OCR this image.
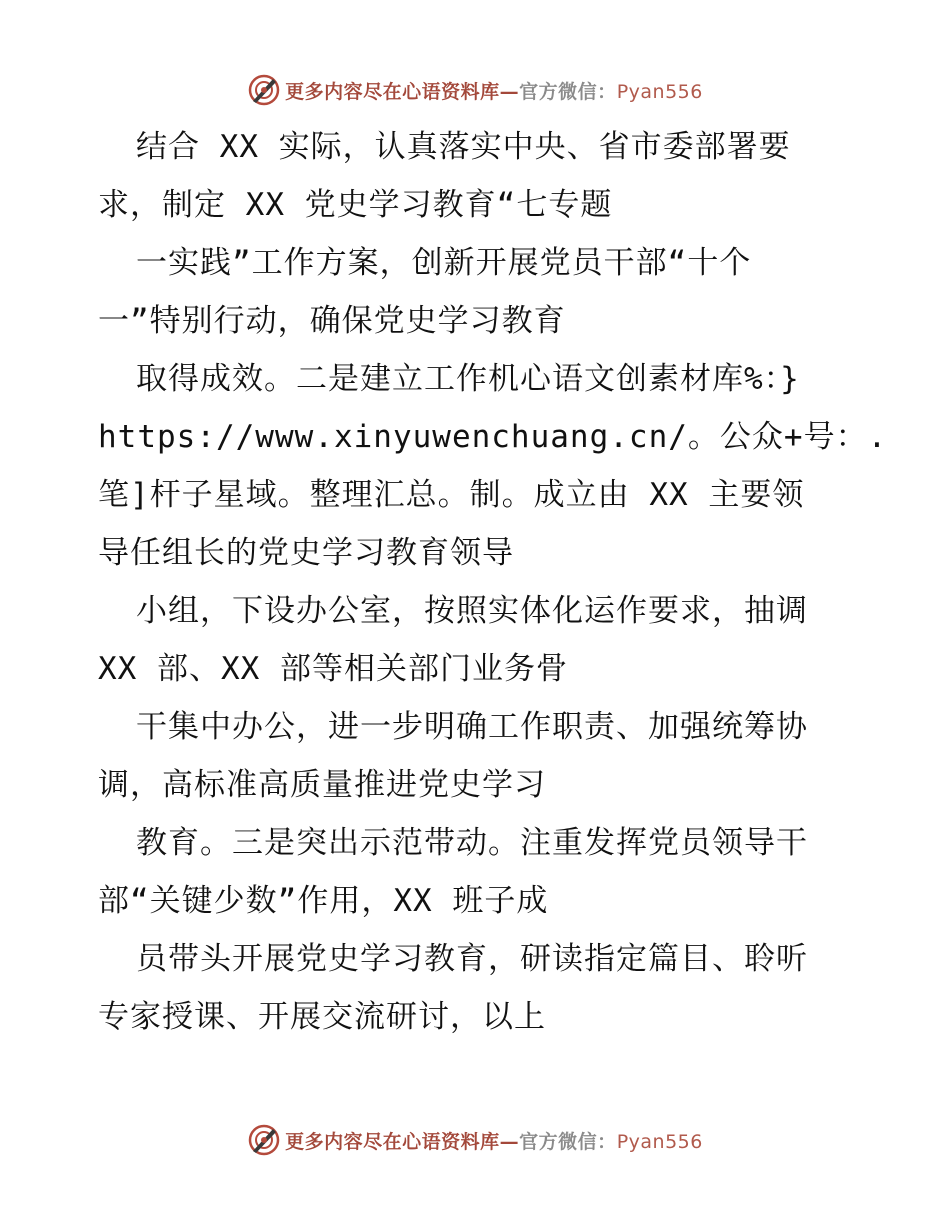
更多内容尽在心语资料库—官方微信：Pyan556
结合 XX 实际，认真落实中央、省市委部署要
求，制定 XX 党史学习教育“七专题
一实践”工作方案，创新开展党员干部“十个
一”特别行动，确保党史学习教育
取得成效。二是建立工作机心语文创素材库%：}
https://www.xinyuwenchuang.cn/。公众+号：.
笔]杆子星域。整理汇总。制。成立由 XX 主要领
导任组长的党史学习教育领导
小组，下设办公室，按照实体化运作要求，抽调
XX 部、XX 部等相关部门业务骨
干集中办公，进一步明确工作职责、加强统筹协
调，高标准高质量推进党史学习
教育。三是突出示范带动。注重发挥党员领导干
部“关键少数”作用，XX 班子成
员带头开展党史学习教育，研读指定篇目、聆听
专家授课、开展交流研讨，以上
更多内容尽在心语资料库—官方微信：Pyan556
